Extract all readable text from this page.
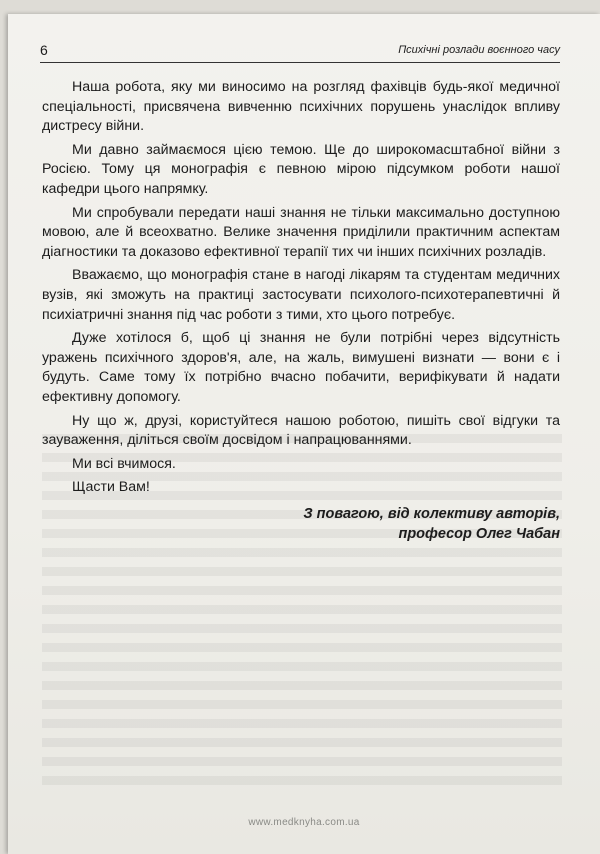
6	Психічні розлади воєнного часу

Наша робота, яку ми виносимо на розгляд фахівців будь-якої медичної спеціальності, присвячена вивченню психічних порушень унаслідок впливу дистресу війни.

Ми давно займаємося цією темою. Ще до широкомасштабної війни з Росією. Тому ця монографія є певною мірою підсумком роботи нашої кафедри цього напрямку.

Ми спробували передати наші знання не тільки максимально доступною мовою, але й всеохватно. Велике значення приділили практичним аспектам діагностики та доказово ефективної терапії тих чи інших психічних розладів.

Вважаємо, що монографія стане в нагоді лікарям та студентам медичних вузів, які зможуть на практиці застосувати психолого-психотерапевтичні й психіатричні знання під час роботи з тими, хто цього потребує.

Дуже хотілося б, щоб ці знання не були потрібні через відсутність уражень психічного здоров'я, але, на жаль, вимушені визнати — вони є і будуть. Саме тому їх потрібно вчасно побачити, верифікувати й надати ефективну допомогу.

Ну що ж, друзі, користуйтеся нашою роботою, пишіть свої відгуки та зауваження, діліться своїм досвідом і напрацюваннями.

Ми всі вчимося.

Щасти Вам!

З повагою, від колективу авторів,
професор Олег Чабан
www.medknyha.com.ua
